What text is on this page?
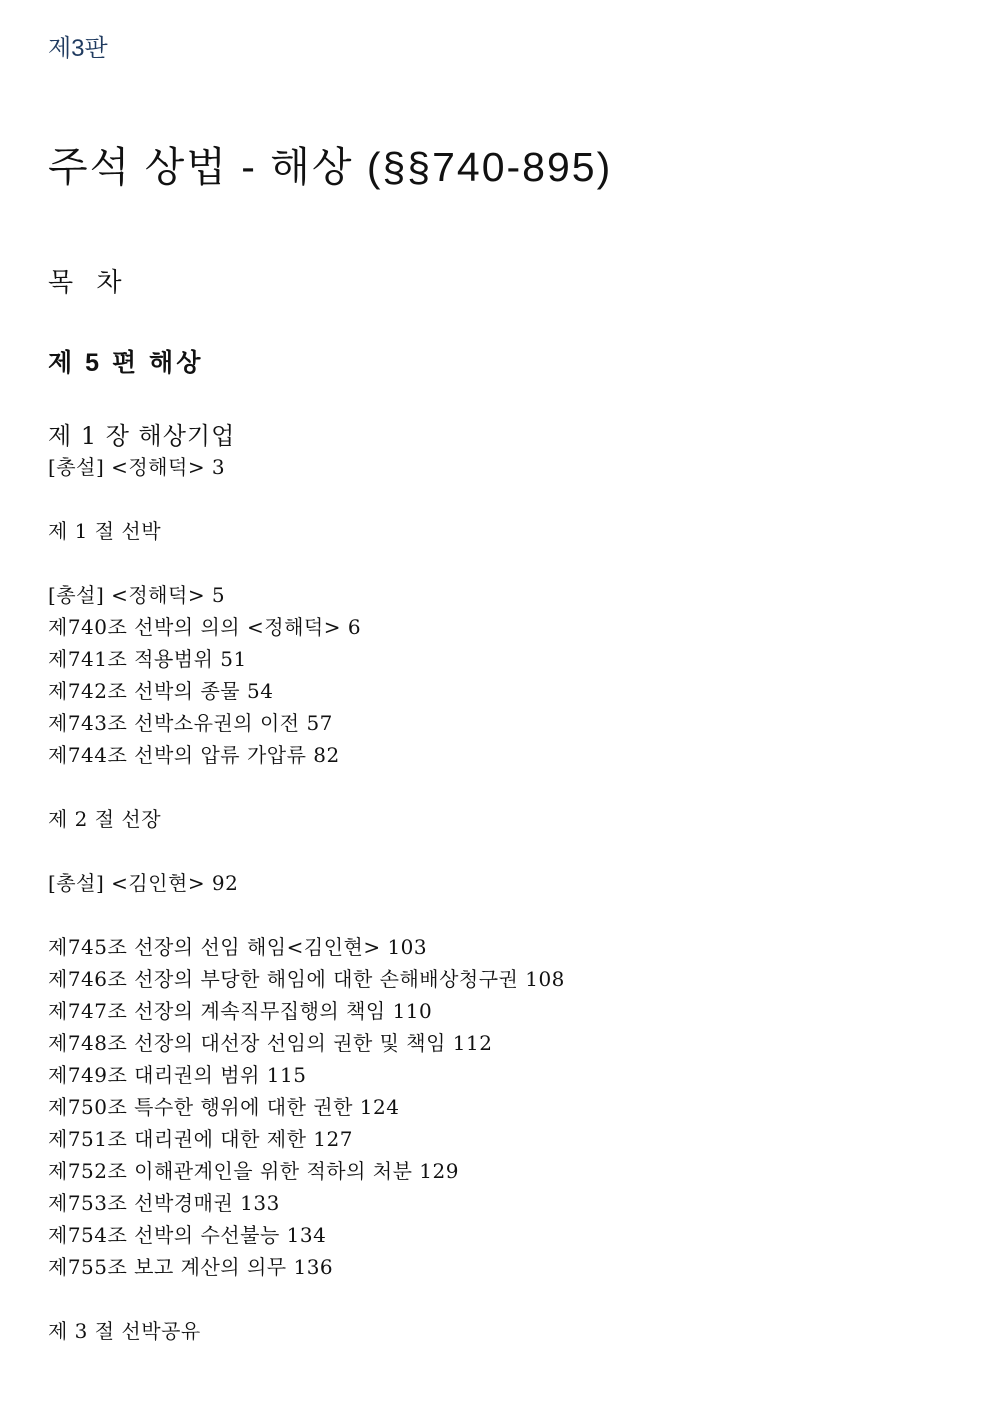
제3판
주석 상법 - 해상 (§§740-895)
목 차
제 5 편 해상
제 1 장 해상기업
[총설] <정해덕> 3
제 1 절 선박
[총설] <정해덕> 5
제740조 선박의 의의 <정해덕> 6
제741조 적용범위 51
제742조 선박의 종물 54
제743조 선박소유권의 이전 57
제744조 선박의 압류 가압류 82
제 2 절 선장
[총설] <김인현> 92
제745조 선장의 선임 해임<김인현> 103
제746조 선장의 부당한 해임에 대한 손해배상청구권 108
제747조 선장의 계속직무집행의 책임 110
제748조 선장의 대선장 선임의 권한 및 책임 112
제749조 대리권의 범위 115
제750조 특수한 행위에 대한 권한 124
제751조 대리권에 대한 제한 127
제752조 이해관계인을 위한 적하의 처분 129
제753조 선박경매권 133
제754조 선박의 수선불능 134
제755조 보고 계산의 의무 136
제 3 절 선박공유
